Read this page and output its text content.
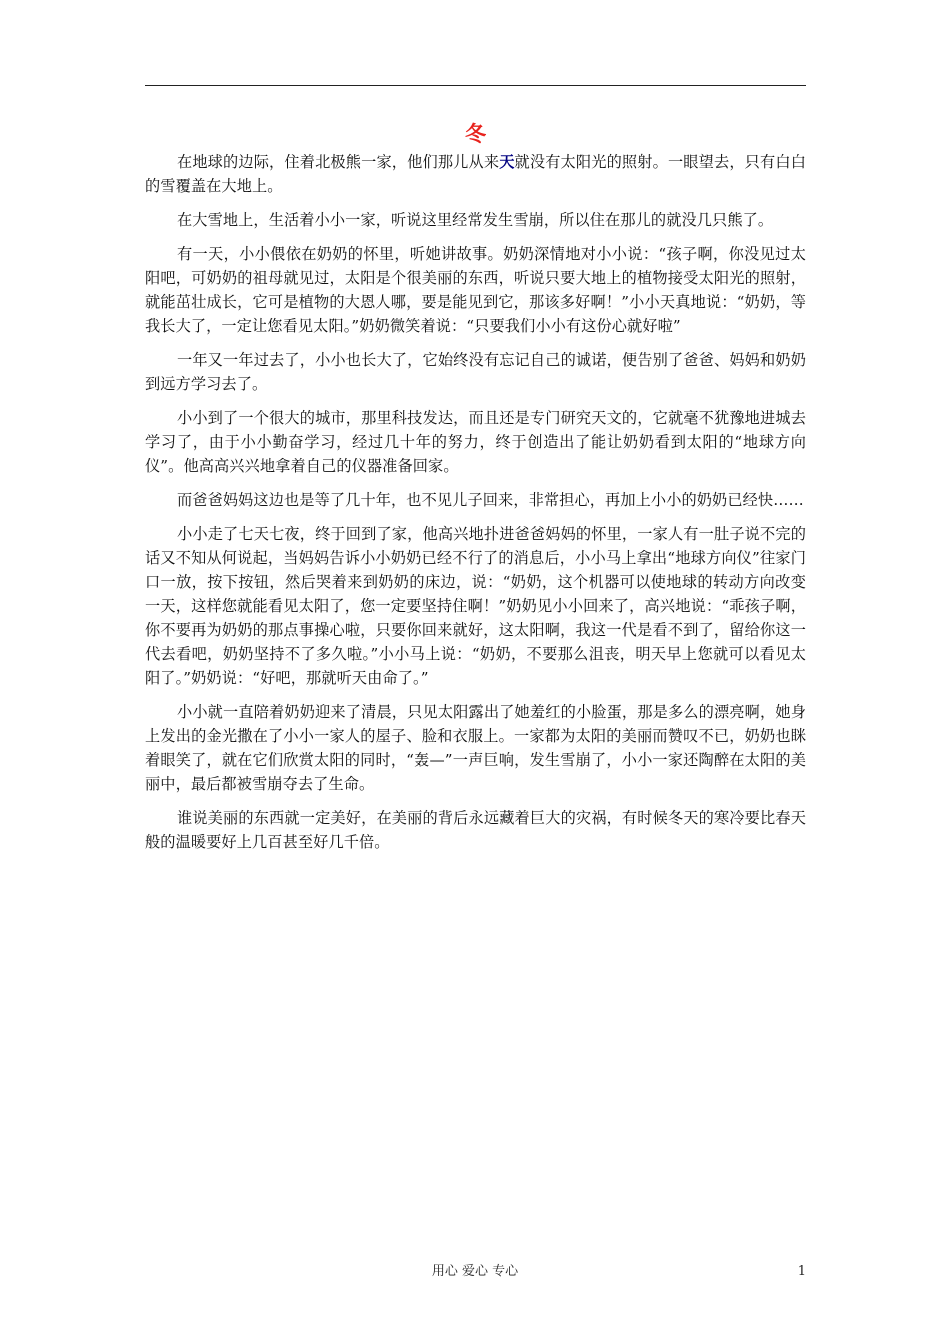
冬

在地球的边际，住着北极熊一家，他们那儿从来天就没有太阳光的照射。一眼望去，只有白白的雪覆盖在大地上。

在大雪地上，生活着小小一家，听说这里经常发生雪崩，所以住在那儿的就没几只熊了。

有一天，小小偎依在奶奶的怀里，听她讲故事。奶奶深情地对小小说：“孩子啊，你没见过太阳吧，可奶奶的祖母就见过，太阳是个很美丽的东西，听说只要大地上的植物接受太阳光的照射，就能茁壮成长，它可是植物的大恩人哪，要是能见到它，那该多好啊！”小小天真地说：“奶奶，等我长大了，一定让您看见太阳。”奶奶微笑着说：“只要我们小小有这份心就好啦”

一年又一年过去了，小小也长大了，它始终没有忘记自己的诚诺，便告别了爸爸、妈妈和奶奶到远方学习去了。

小小到了一个很大的城市，那里科技发达，而且还是专门研究天文的，它就毫不犹豫地进城去学习了，由于小小勤奋学习，经过几十年的努力，终于创造出了能让奶奶看到太阳的“地球方向仪”。他高高兴兴地拿着自己的仪器准备回家。

而爸爸妈妈这边也是等了几十年，也不见儿子回来，非常担心，再加上小小的奶奶已经快……

小小走了七天七夜，终于回到了家，他高兴地扑进爸爸妈妈的怀里，一家人有一肚子说不完的话又不知从何说起，当妈妈告诉小小奶奶已经不行了的消息后，小小马上拿出“地球方向仪”往家门口一放，按下按钮，然后哭着来到奶奶的床边，说：“奶奶，这个机器可以使地球的转动方向改变一天，这样您就能看见太阳了，您一定要坚持住啊！”奶奶见小小回来了，高兴地说：“乖孩子啊，你不要再为奶奶的那点事操心啦，只要你回来就好，这太阳啊，我这一代是看不到了，留给你这一代去看吧，奶奶坚持不了多久啦。”小小马上说：“奶奶，不要那么沮丧，明天早上您就可以看见太阳了。”奶奶说：“好吧，那就听天由命了。”

小小就一直陪着奶奶迎来了清晨，只见太阳露出了她羞红的小脸蛋，那是多么的漂亮啊，她身上发出的金光撒在了小小一家人的屋子、脸和衣服上。一家都为太阳的美丽而赞叹不已，奶奶也眯着眼笑了，就在它们欣赏太阳的同时，“轰—”一声巨响，发生雪崩了，小小一家还陶醉在太阳的美丽中，最后都被雪崩夺去了生命。

谁说美丽的东西就一定美好，在美丽的背后永远藏着巨大的灾祸，有时候冬天的寒冷要比春天般的温暖要好上几百甚至好几千倍。

用心 爱心 专心	1
